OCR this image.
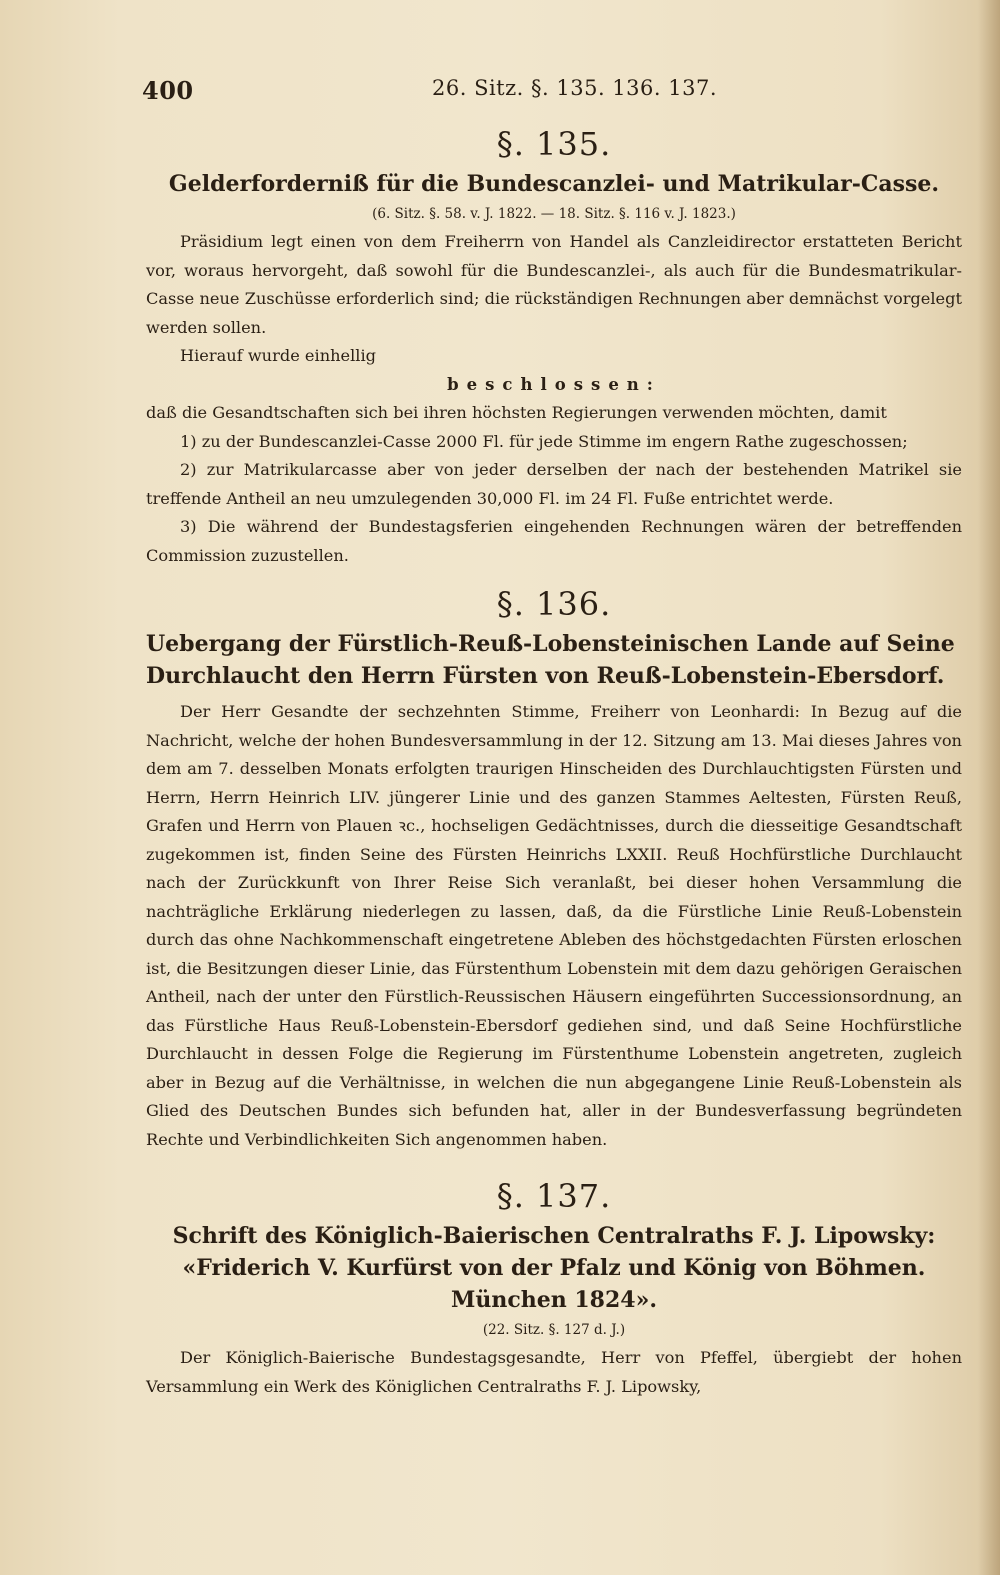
400	26. Sitz. §. 135. 136. 137.
§. 135.
Gelderforderniß für die Bundescanzlei- und Matrikular-Casse.
(6. Sitz. §. 58. v. J. 1822. — 18. Sitz. §. 116 v. J. 1823.)

Präsidium legt einen von dem Freiherrn von Handel als Canzleidirector erstatteten Bericht vor, woraus hervorgeht, daß sowohl für die Bundescanzlei-, als auch für die Bundesmatrikular-Casse neue Zuschüsse erforderlich sind; die rückständigen Rechnungen aber demnächst vorgelegt werden sollen.

Hierauf wurde einhellig

beschlossen:

daß die Gesandtschaften sich bei ihren höchsten Regierungen verwenden möchten, damit

1) zu der Bundescanzlei-Casse 2000 Fl. für jede Stimme im engern Rathe zugeschossen;

2) zur Matrikularcasse aber von jeder derselben der nach der bestehenden Matrikel sie treffende Antheil an neu umzulegenden 30,000 Fl. im 24 Fl. Fuße entrichtet werde.

3) Die während der Bundestagsferien eingehenden Rechnungen wären der betreffenden Commission zuzustellen.

§. 136.
Uebergang der Fürstlich-Reuß-Lobensteinischen Lande auf Seine Durchlaucht den Herrn Fürsten von Reuß-Lobenstein-Ebersdorf.

Der Herr Gesandte der sechzehnten Stimme, Freiherr von Leonhardi: In Bezug auf die Nachricht, welche der hohen Bundesversammlung in der 12. Sitzung am 13. Mai dieses Jahres von dem am 7. desselben Monats erfolgten traurigen Hinscheiden des Durchlauchtigsten Fürsten und Herrn, Herrn Heinrich LIV. jüngerer Linie und des ganzen Stammes Aeltesten, Fürsten Reuß, Grafen und Herrn von Plauen ꝛc., hochseligen Gedächtnisses, durch die diesseitige Gesandtschaft zugekommen ist, finden Seine des Fürsten Heinrichs LXXII. Reuß Hochfürstliche Durchlaucht nach der Zurückkunft von Ihrer Reise Sich veranlaßt, bei dieser hohen Versammlung die nachträgliche Erklärung niederlegen zu lassen, daß, da die Fürstliche Linie Reuß-Lobenstein durch das ohne Nachkommenschaft eingetretene Ableben des höchstgedachten Fürsten erloschen ist, die Besitzungen dieser Linie, das Fürstenthum Lobenstein mit dem dazu gehörigen Geraischen Antheil, nach der unter den Fürstlich-Reussischen Häusern eingeführten Successionsordnung, an das Fürstliche Haus Reuß-Lobenstein-Ebersdorf gediehen sind, und daß Seine Hochfürstliche Durchlaucht in dessen Folge die Regierung im Fürstenthume Lobenstein angetreten, zugleich aber in Bezug auf die Verhältnisse, in welchen die nun abgegangene Linie Reuß-Lobenstein als Glied des Deutschen Bundes sich befunden hat, aller in der Bundesverfassung begründeten Rechte und Verbindlichkeiten Sich angenommen haben.

§. 137.
Schrift des Königlich-Baierischen Centralraths F. J. Lipowsky: «Friderich V. Kurfürst von der Pfalz und König von Böhmen. München 1824».
(22. Sitz. §. 127 d. J.)

Der Königlich-Baierische Bundestagsgesandte, Herr von Pfeffel, übergiebt der hohen Versammlung ein Werk des Königlichen Centralraths F. J. Lipowsky,
